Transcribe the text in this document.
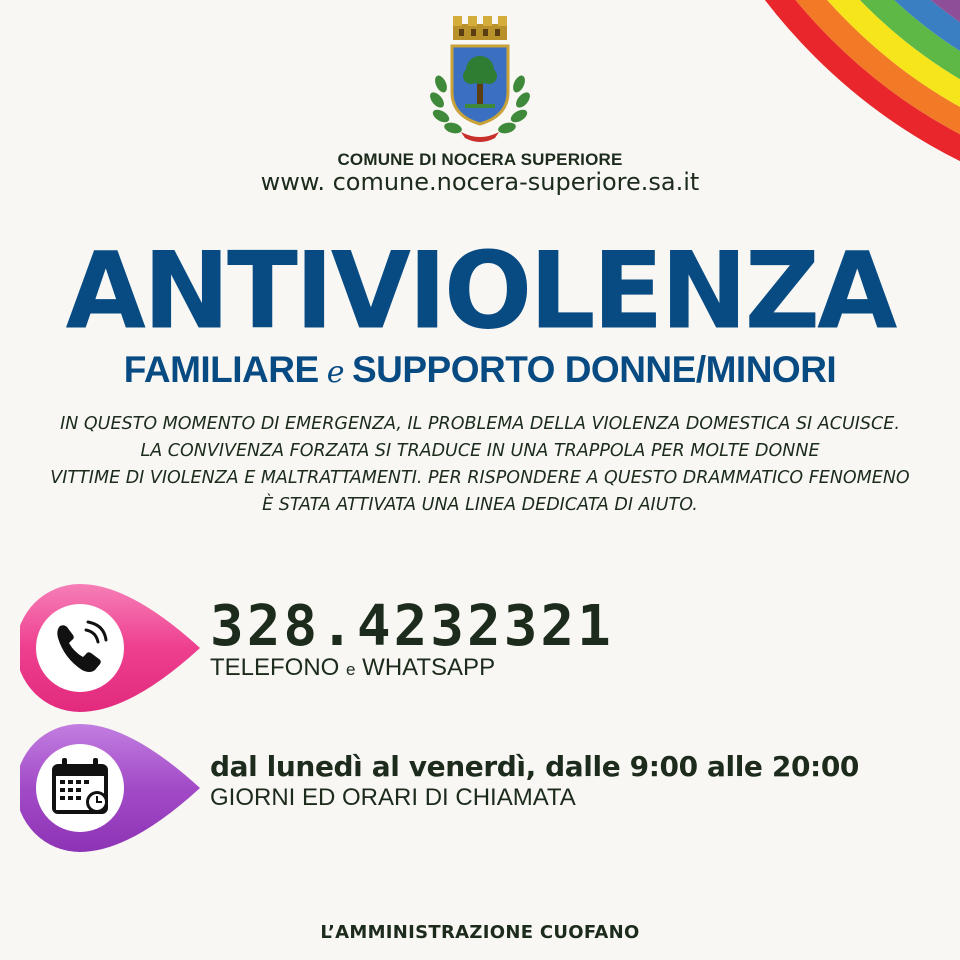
COMUNE DI NOCERA SUPERIORE
www. comune.nocera-superiore.sa.it
ANTIVIOLENZA
FAMILIARE e SUPPORTO DONNE/MINORI
IN QUESTO MOMENTO DI EMERGENZA, IL PROBLEMA DELLA VIOLENZA DOMESTICA SI ACUISCE.
LA CONVIVENZA FORZATA SI TRADUCE IN UNA TRAPPOLA PER MOLTE DONNE
VITTIME DI VIOLENZA E MALTRATTAMENTI. PER RISPONDERE A QUESTO DRAMMATICO FENOMENO
È STATA ATTIVATA UNA LINEA DEDICATA DI AIUTO.
328.4232321
TELEFONO e WHATSAPP
dal lunedì al venerdì, dalle 9:00 alle 20:00
GIORNI ED ORARI DI CHIAMATA
L’AMMINISTRAZIONE CUOFANO
